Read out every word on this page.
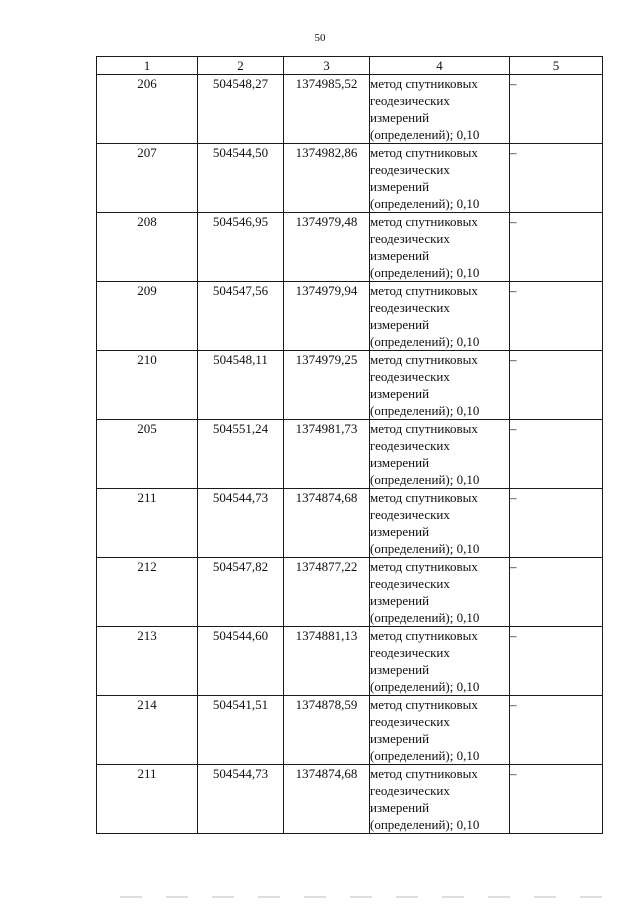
50
1	2	3	4	5
206	504548,27	1374985,52	метод спутниковых
геодезических
измерений
(определений); 0,10	–
207	504544,50	1374982,86	метод спутниковых
геодезических
измерений
(определений); 0,10	–
208	504546,95	1374979,48	метод спутниковых
геодезических
измерений
(определений); 0,10	–
209	504547,56	1374979,94	метод спутниковых
геодезических
измерений
(определений); 0,10	–
210	504548,11	1374979,25	метод спутниковых
геодезических
измерений
(определений); 0,10	–
205	504551,24	1374981,73	метод спутниковых
геодезических
измерений
(определений); 0,10	–
211	504544,73	1374874,68	метод спутниковых
геодезических
измерений
(определений); 0,10	–
212	504547,82	1374877,22	метод спутниковых
геодезических
измерений
(определений); 0,10	–
213	504544,60	1374881,13	метод спутниковых
геодезических
измерений
(определений); 0,10	–
214	504541,51	1374878,59	метод спутниковых
геодезических
измерений
(определений); 0,10	–
211	504544,73	1374874,68	метод спутниковых
геодезических
измерений
(определений); 0,10	–
